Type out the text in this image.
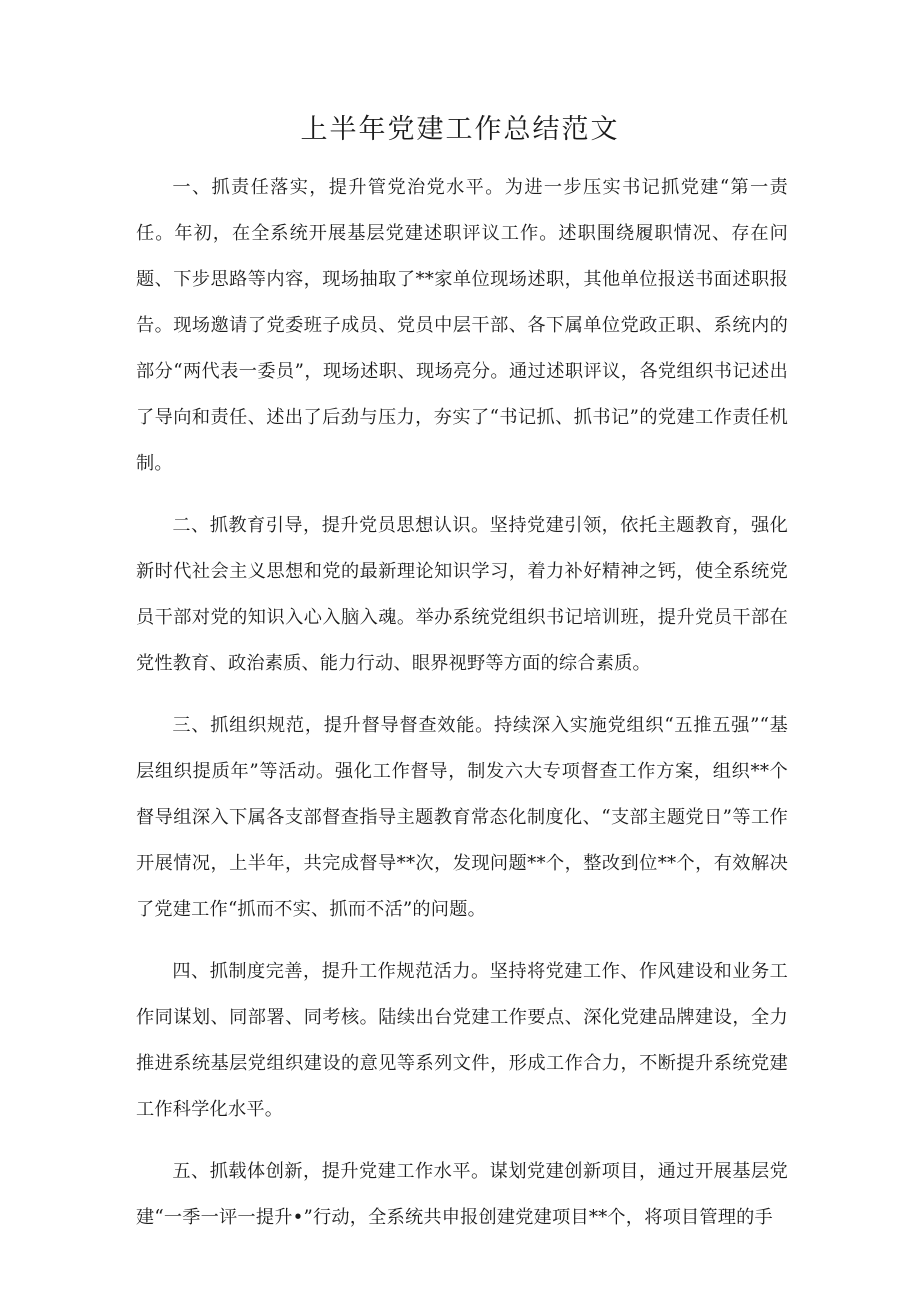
上半年党建工作总结范文

一、抓责任落实，提升管党治党水平。为进一步压实书记抓党建“第一责任。年初，在全系统开展基层党建述职评议工作。述职围绕履职情况、存在问题、下步思路等内容，现场抽取了**家单位现场述职，其他单位报送书面述职报告。现场邀请了党委班子成员、党员中层干部、各下属单位党政正职、系统内的部分“两代表一委员”，现场述职、现场亮分。通过述职评议，各党组织书记述出了导向和责任、述出了后劲与压力，夯实了“书记抓、抓书记”的党建工作责任机制。

二、抓教育引导，提升党员思想认识。坚持党建引领，依托主题教育，强化新时代社会主义思想和党的最新理论知识学习，着力补好精神之钙，使全系统党员干部对党的知识入心入脑入魂。举办系统党组织书记培训班，提升党员干部在党性教育、政治素质、能力行动、眼界视野等方面的综合素质。

三、抓组织规范，提升督导督查效能。持续深入实施党组织“五推五强”“基层组织提质年”等活动。强化工作督导，制发六大专项督查工作方案，组织**个督导组深入下属各支部督查指导主题教育常态化制度化、“支部主题党日”等工作开展情况，上半年，共完成督导**次，发现问题**个，整改到位**个，有效解决了党建工作“抓而不实、抓而不活”的问题。

四、抓制度完善，提升工作规范活力。坚持将党建工作、作风建设和业务工作同谋划、同部署、同考核。陆续出台党建工作要点、深化党建品牌建设，全力推进系统基层党组织建设的意见等系列文件，形成工作合力，不断提升系统党建工作科学化水平。

五、抓载体创新，提升党建工作水平。谋划党建创新项目，通过开展基层党建“一季一评一提升•”行动，全系统共申报创建党建项目**个，将项目管理的手
